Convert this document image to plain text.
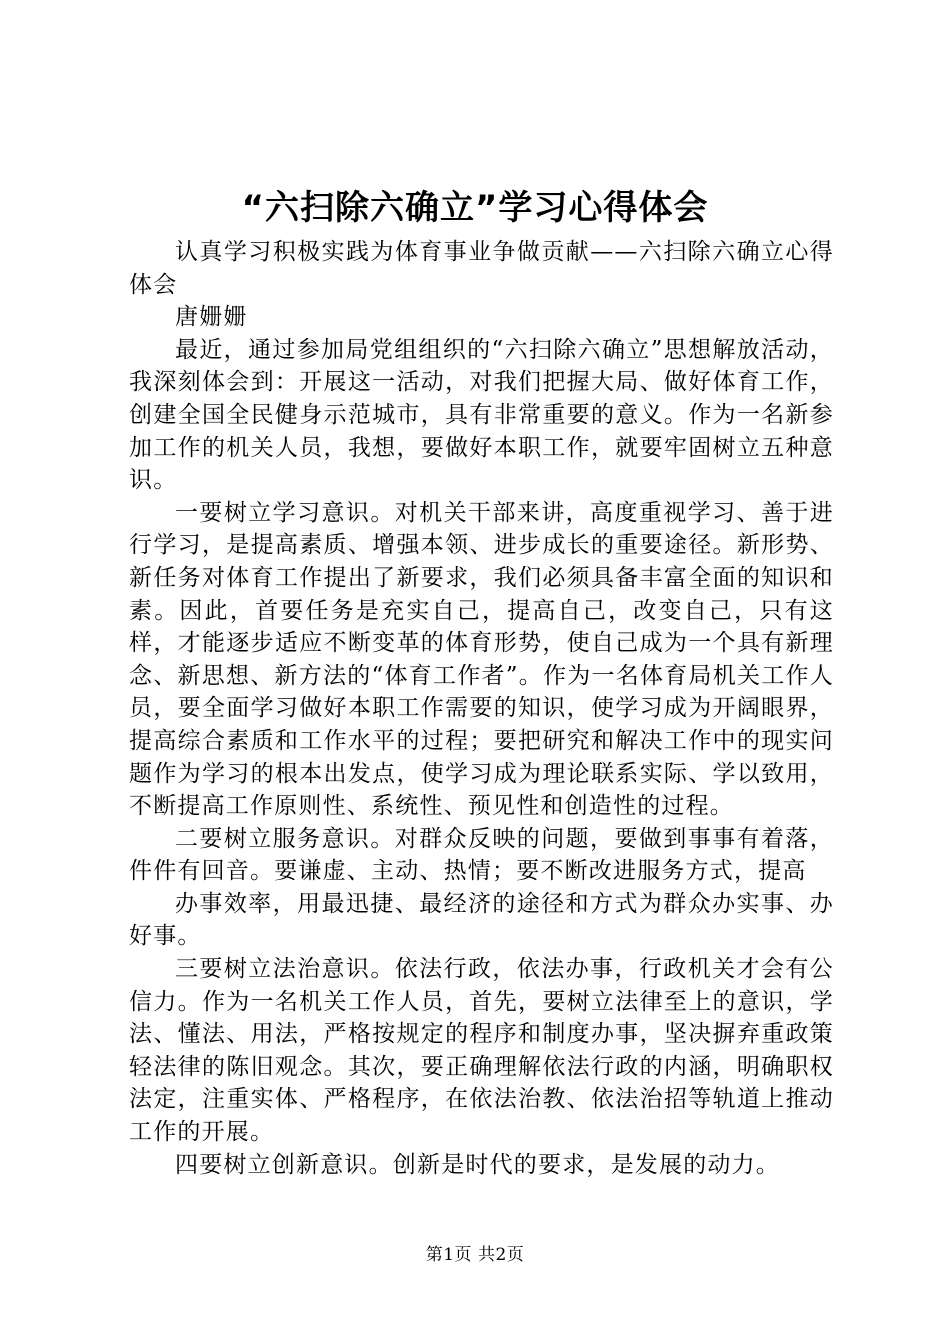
“六扫除六确立”学习心得体会

认真学习积极实践为体育事业争做贡献——六扫除六确立心得体会

唐姗姗

最近，通过参加局党组组织的“六扫除六确立”思想解放活动，我深刻体会到：开展这一活动，对我们把握大局、做好体育工作，创建全国全民健身示范城市，具有非常重要的意义。作为一名新参加工作的机关人员，我想，要做好本职工作，就要牢固树立五种意识。

一要树立学习意识。对机关干部来讲，高度重视学习、善于进行学习，是提高素质、增强本领、进步成长的重要途径。新形势、新任务对体育工作提出了新要求，我们必须具备丰富全面的知识和素。因此，首要任务是充实自己，提高自己，改变自己，只有这样，才能逐步适应不断变革的体育形势，使自己成为一个具有新理念、新思想、新方法的“体育工作者”。作为一名体育局机关工作人员，要全面学习做好本职工作需要的知识，使学习成为开阔眼界，提高综合素质和工作水平的过程；要把研究和解决工作中的现实问题作为学习的根本出发点，使学习成为理论联系实际、学以致用，不断提高工作原则性、系统性、预见性和创造性的过程。

二要树立服务意识。对群众反映的问题，要做到事事有着落，件件有回音。要谦虚、主动、热情；要不断改进服务方式，提高

办事效率，用最迅捷、最经济的途径和方式为群众办实事、办好事。

三要树立法治意识。依法行政，依法办事，行政机关才会有公信力。作为一名机关工作人员，首先，要树立法律至上的意识，学法、懂法、用法，严格按规定的程序和制度办事，坚决摒弃重政策轻法律的陈旧观念。其次，要正确理解依法行政的内涵，明确职权法定，注重实体、严格程序，在依法治教、依法治招等轨道上推动工作的开展。

四要树立创新意识。创新是时代的要求，是发展的动力。

第1页 共2页
